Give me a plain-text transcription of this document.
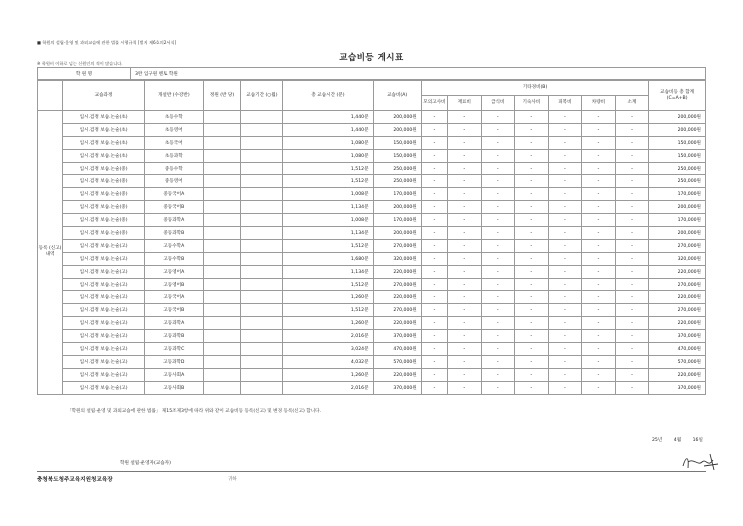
■ 학원의 설립·운영 및 과외교습에 관한 법률 시행규칙 [별지 제6호의2서식]
교습비등 게시표
※ 학원비 이하로 넘는 신원인의 적이 많습니다.
학 원 명	3완 입구원 멘토 학원
	교습과정	개설반 (수강반)	정원 (반 당)	교습기간 (○월)	총 교습시간 (분)	교습비(A)	기타경비(B)							교습비등 총 합계 (C=A+B)
							모의고사비	재료비	급식비	기숙사비	피복비	차량비	소계	
등록 (신고) 내역	입시.검정 보습.논술(초)	초등수학			1,440분	200,000원	-	-	-	-	-	-	-	200,000원
	입시.검정 보습.논술(초)	초등영어			1,440분	200,000원	-	-	-	-	-	-	-	200,000원
	입시.검정 보습.논술(초)	초등국어			1,080분	150,000원	-	-	-	-	-	-	-	150,000원
	입시.검정 보습.논술(초)	초등과학			1,080분	150,000원	-	-	-	-	-	-	-	150,000원
	입시.검정 보습.논술(중)	중등수학			1,512분	250,000원	-	-	-	-	-	-	-	250,000원
	입시.검정 보습.논술(중)	중등영어			1,512분	250,000원	-	-	-	-	-	-	-	250,000원
	입시.검정 보습.논술(중)	중등국어A			1,008분	170,000원	-	-	-	-	-	-	-	170,000원
	입시.검정 보습.논술(중)	중등국어B			1,134분	200,000원	-	-	-	-	-	-	-	200,000원
	입시.검정 보습.논술(중)	중등과학A			1,008분	170,000원	-	-	-	-	-	-	-	170,000원
	입시.검정 보습.논술(중)	중등과학B			1,134분	200,000원	-	-	-	-	-	-	-	200,000원
	입시.검정 보습.논술(고)	고등수학A			1,512분	270,000원	-	-	-	-	-	-	-	270,000원
	입시.검정 보습.논술(고)	고등수학B			1,680분	320,000원	-	-	-	-	-	-	-	320,000원
	입시.검정 보습.논술(고)	고등영어A			1,134분	220,000원	-	-	-	-	-	-	-	220,000원
	입시.검정 보습.논술(고)	고등영어B			1,512분	270,000원	-	-	-	-	-	-	-	270,000원
	입시.검정 보습.논술(고)	고등국어A			1,260분	220,000원	-	-	-	-	-	-	-	220,000원
	입시.검정 보습.논술(고)	고등국어B			1,512분	270,000원	-	-	-	-	-	-	-	270,000원
	입시.검정 보습.논술(고)	고등과학A			1,260분	220,000원	-	-	-	-	-	-	-	220,000원
	입시.검정 보습.논술(고)	고등과학B			2,016분	370,000원	-	-	-	-	-	-	-	370,000원
	입시.검정 보습.논술(고)	고등과학C			3,024분	470,000원	-	-	-	-	-	-	-	470,000원
	입시.검정 보습.논술(고)	고등과학D			4,032분	570,000원	-	-	-	-	-	-	-	570,000원
	입시.검정 보습.논술(고)	고등사회A			1,260분	220,000원	-	-	-	-	-	-	-	220,000원
	입시.검정 보습.논술(고)	고등사회B			2,016분	370,000원	-	-	-	-	-	-	-	370,000원
「학원의 설립·운영 및 과외교습에 관한 법률」 제15조제3항에 따라 위와 같이 교습비등 등록(신고) 및 변경 등록(신고) 합니다.
25년 4월 16일
학원 설립·운영자(교습자)
충청북도청주교육지원청교육장	귀하
